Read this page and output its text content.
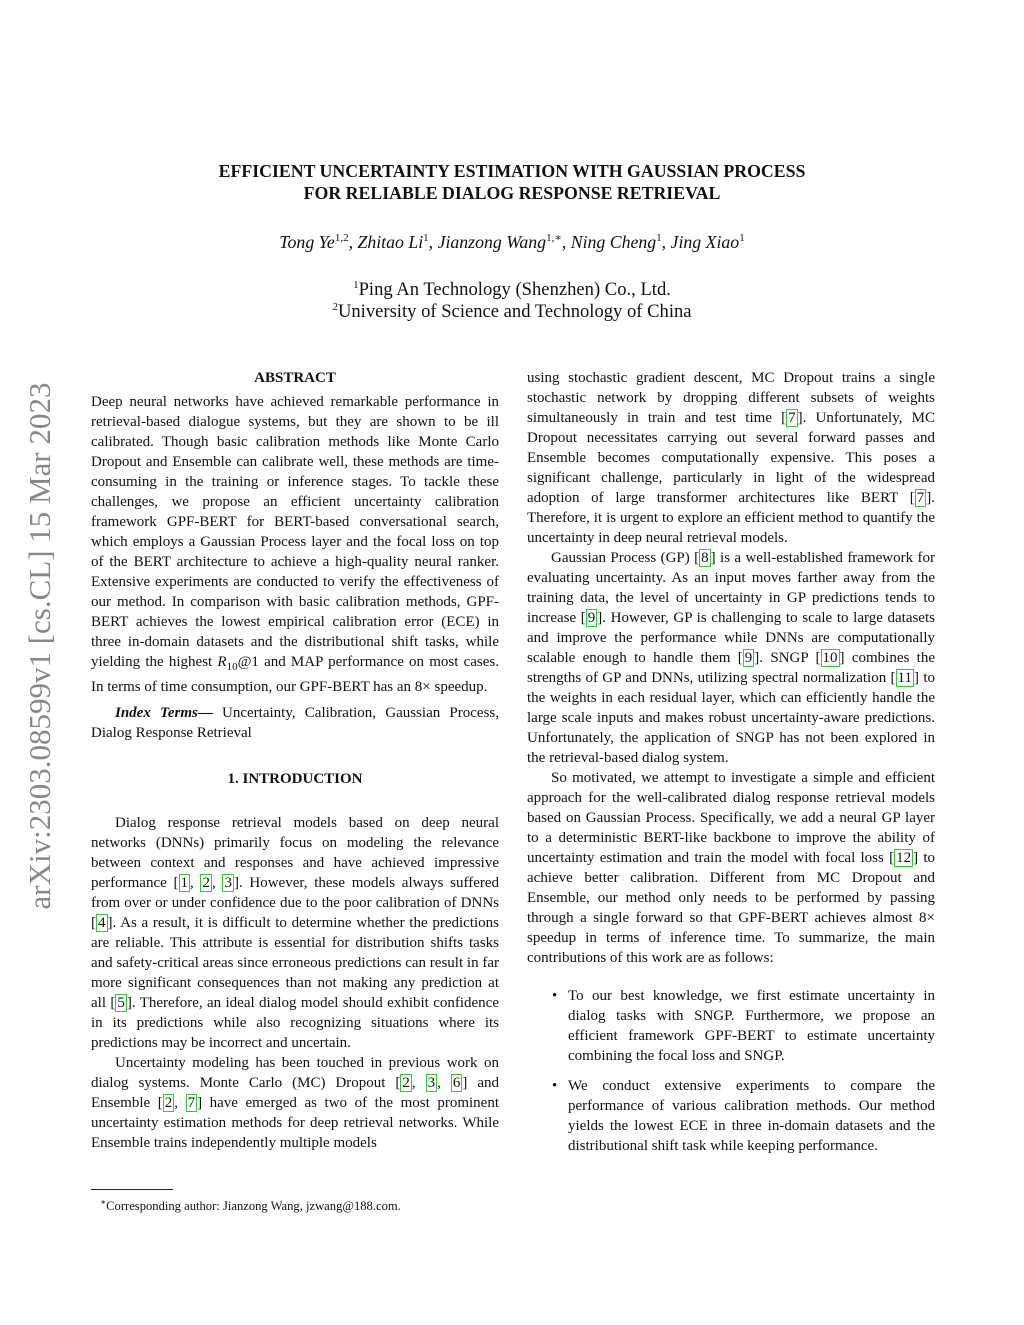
arXiv:2303.08599v1 [cs.CL] 15 Mar 2023
EFFICIENT UNCERTAINTY ESTIMATION WITH GAUSSIAN PROCESS
FOR RELIABLE DIALOG RESPONSE RETRIEVAL
Tong Ye$^{1,2}$, Zhitao Li$^1$, Jianzong Wang$^{1,∗}$, Ning Cheng$^1$, Jing Xiao$^1$
$^1$Ping An Technology (Shenzhen) Co., Ltd.
$^2$University of Science and Technology of China
ABSTRACT

Deep neural networks have achieved remarkable performance in retrieval-based dialogue systems, but they are shown to be ill calibrated. Though basic calibration methods like Monte Carlo Dropout and Ensemble can calibrate well, these methods are time-consuming in the training or inference stages. To tackle these challenges, we propose an efficient uncertainty calibration framework GPF-BERT for BERT-based conversational search, which employs a Gaussian Process layer and the focal loss on top of the BERT architecture to achieve a high-quality neural ranker. Extensive experiments are conducted to verify the effectiveness of our method. In comparison with basic calibration methods, GPF-BERT achieves the lowest empirical calibration error (ECE) in three in-domain datasets and the distributional shift tasks, while yielding the highest $R_{10}@1$ and MAP performance on most cases. In terms of time consumption, our GPF-BERT has an 8× speedup.

Index Terms— Uncertainty, Calibration, Gaussian Process, Dialog Response Retrieval

1. INTRODUCTION

Dialog response retrieval models based on deep neural networks (DNNs) primarily focus on modeling the relevance between context and responses and have achieved impressive performance [ 1 , 2 , 3 ]. However, these models always suffered from over or under confidence due to the poor calibration of DNNs [ 4 ]. As a result, it is difficult to determine whether the predictions are reliable. This attribute is essential for distribution shifts tasks and safety-critical areas since erroneous predictions can result in far more significant consequences than not making any prediction at all [ 5 ]. Therefore, an ideal dialog model should exhibit confidence in its predictions while also recognizing situations where its predictions may be incorrect and uncertain.

Uncertainty modeling has been touched in previous work on dialog systems. Monte Carlo (MC) Dropout [ 2 , 3 , 6 ] and Ensemble [ 2 , 7 ] have emerged as two of the most prominent uncertainty estimation methods for deep retrieval networks. While Ensemble trains independently multiple models

using stochastic gradient descent, MC Dropout trains a single stochastic network by dropping different subsets of weights simultaneously in train and test time [ 7 ]. Unfortunately, MC Dropout necessitates carrying out several forward passes and Ensemble becomes computationally expensive. This poses a significant challenge, particularly in light of the widespread adoption of large transformer architectures like BERT [ 7 ]. Therefore, it is urgent to explore an efficient method to quantify the uncertainty in deep neural retrieval models.

Gaussian Process (GP) [ 8 ] is a well-established framework for evaluating uncertainty. As an input moves farther away from the training data, the level of uncertainty in GP predictions tends to increase [ 9 ]. However, GP is challenging to scale to large datasets and improve the performance while DNNs are computationally scalable enough to handle them [ 9 ]. SNGP [ 10 ] combines the strengths of GP and DNNs, utilizing spectral normalization [ 11 ] to the weights in each residual layer, which can efficiently handle the large scale inputs and makes robust uncertainty-aware predictions. Unfortunately, the application of SNGP has not been explored in the retrieval-based dialog system.

So motivated, we attempt to investigate a simple and efficient approach for the well-calibrated dialog response retrieval models based on Gaussian Process. Specifically, we add a neural GP layer to a deterministic BERT-like backbone to improve the ability of uncertainty estimation and train the model with focal loss [ 12 ] to achieve better calibration. Different from MC Dropout and Ensemble, our method only needs to be performed by passing through a single forward so that GPF-BERT achieves almost 8× speedup in terms of inference time. To summarize, the main contributions of this work are as follows:

• To our best knowledge, we first estimate uncertainty in dialog tasks with SNGP. Furthermore, we propose an efficient framework GPF-BERT to estimate uncertainty combining the focal loss and SNGP.
• We conduct extensive experiments to compare the performance of various calibration methods. Our method yields the lowest ECE in three in-domain datasets and the distributional shift task while keeping performance.
∗Corresponding author: Jianzong Wang, jzwang@188.com.
